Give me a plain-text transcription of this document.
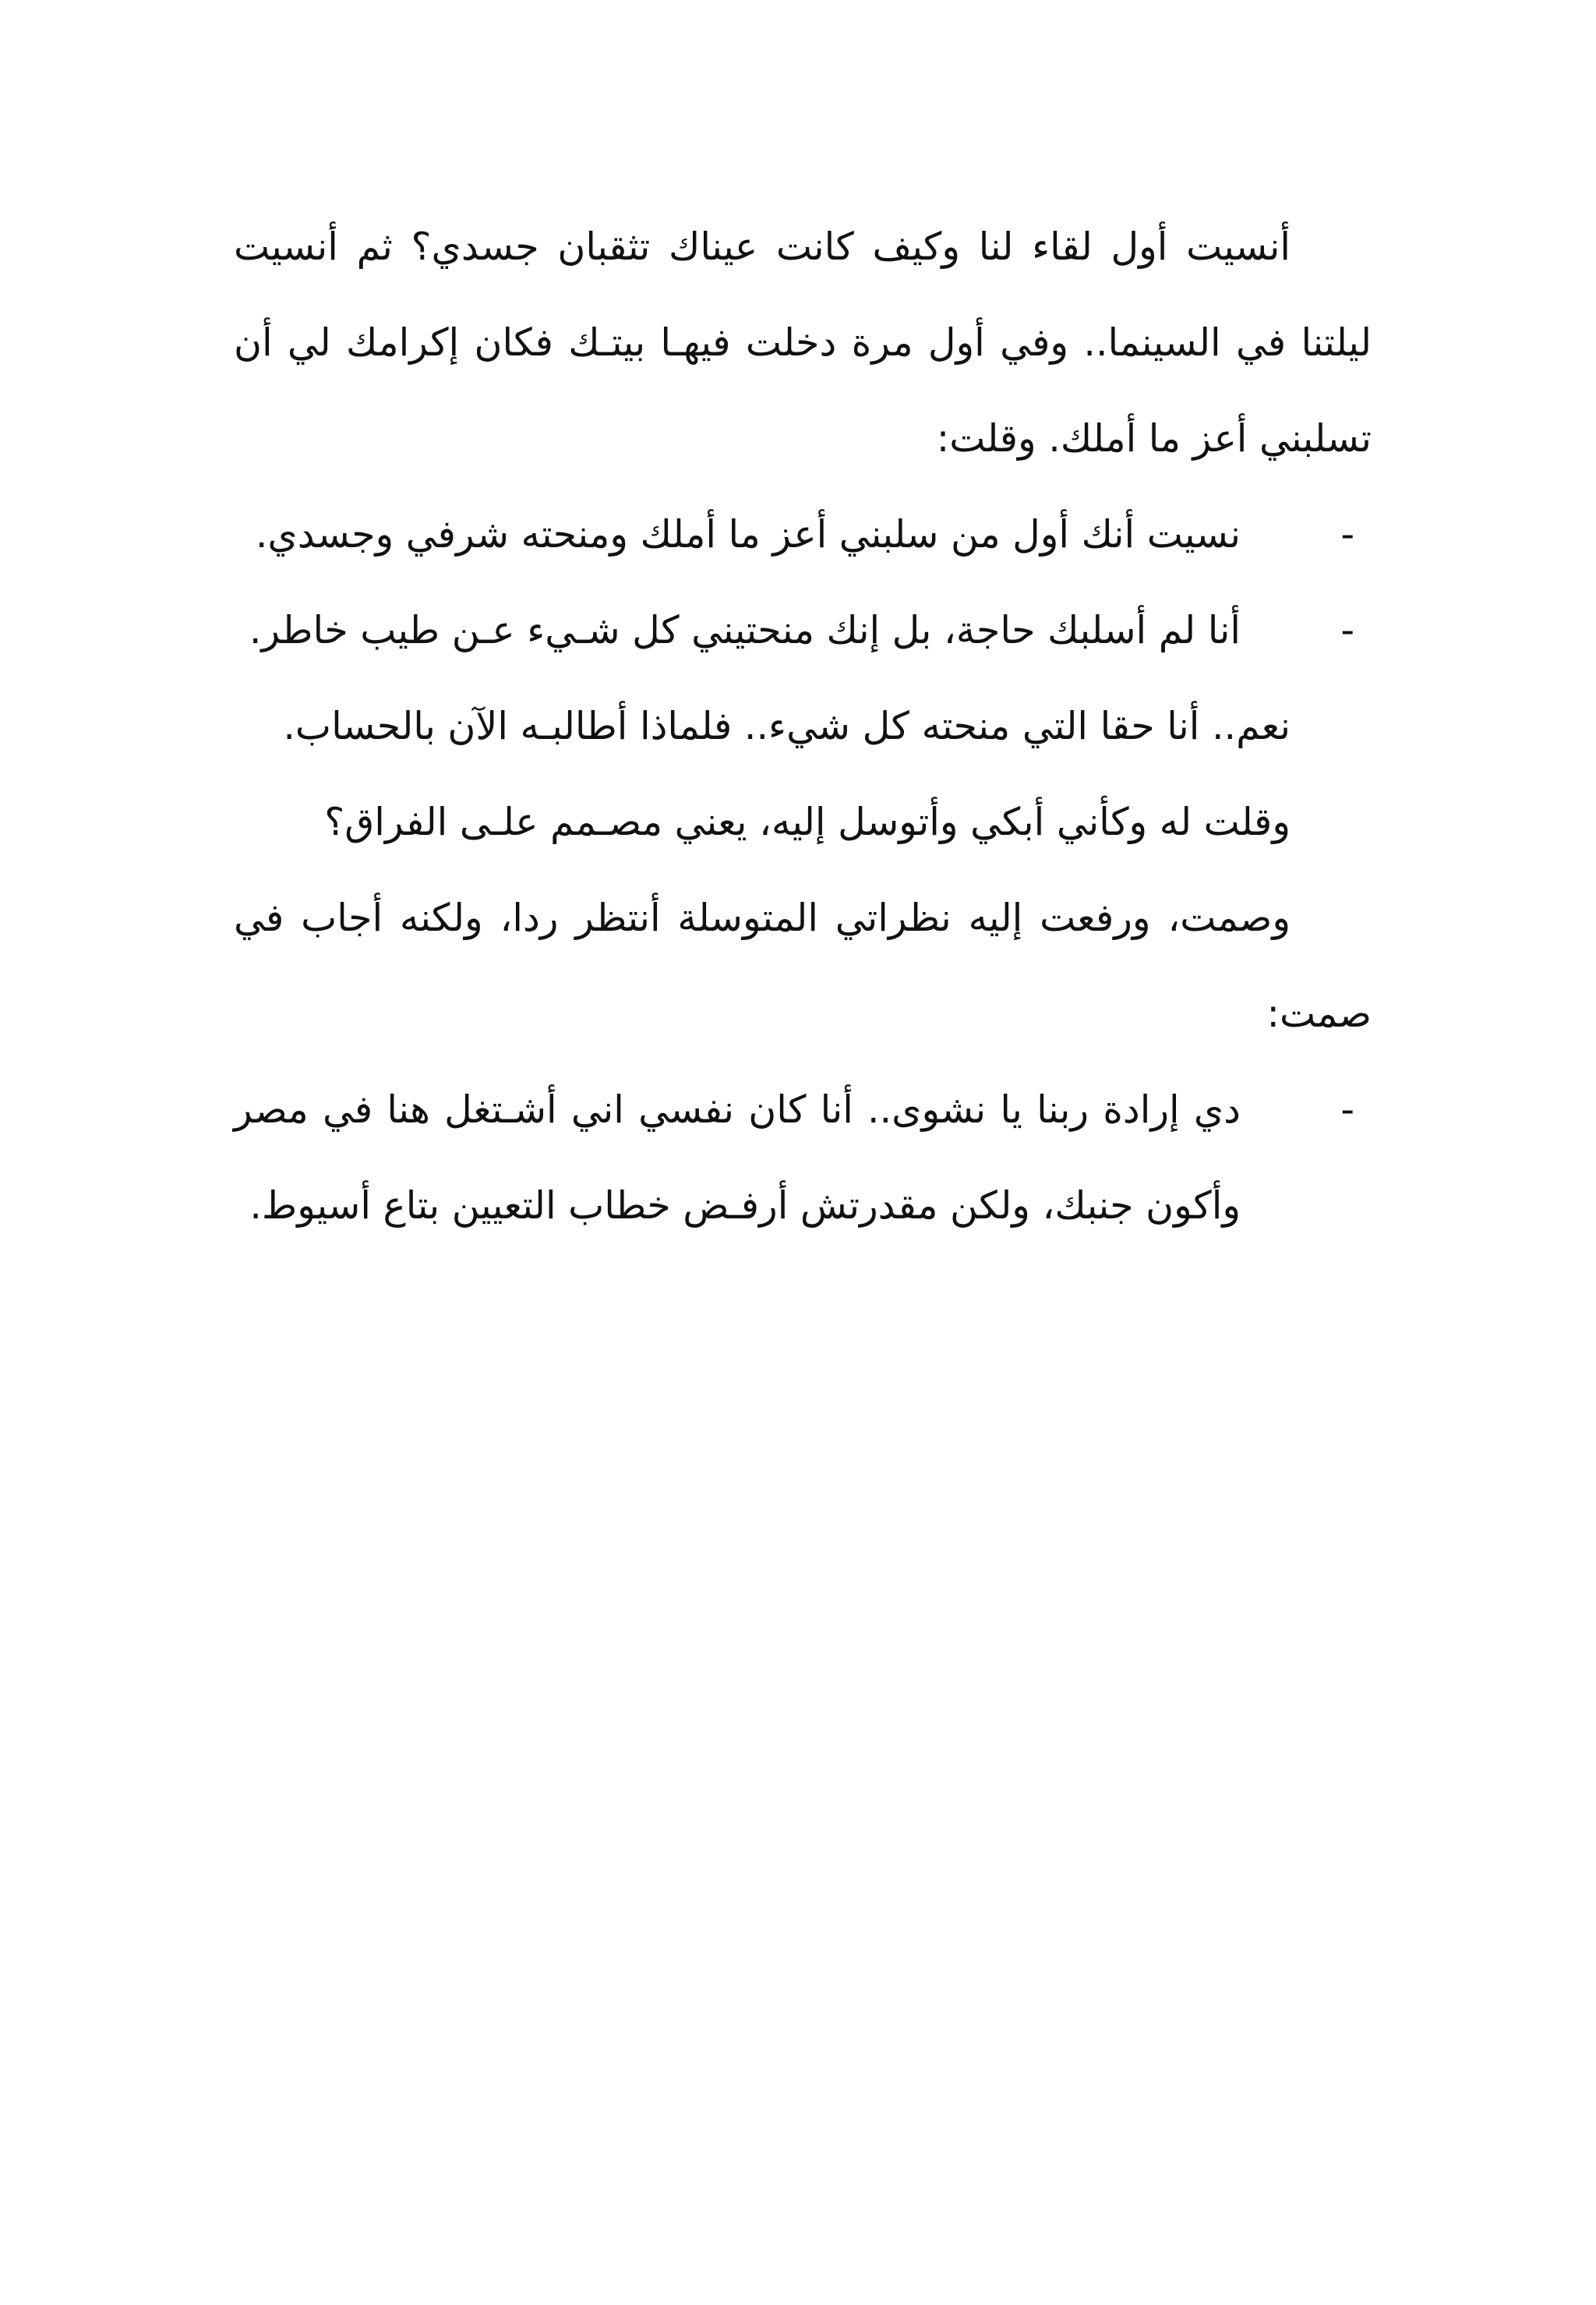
أنسيت أول لقاء لنا وكيف كانت عيناك تثقبان جسدي؟ ثم أنسيت ليلتنا في السينما.. وفي أول مرة دخلت فيهـا بيتـك فكان إكرامك لي أن تسلبني أعز ما أملك. وقلت:

-
نسيت أنك أول من سلبني أعز ما أملك ومنحته شرفي وجسدي.

-
أنا لم أسلبك حاجة، بل إنك منحتيني كل شـيء عـن طيب خاطر.

نعم.. أنا حقا التي منحته كل شيء.. فلماذا أطالبـه الآن بالحساب.

وقلت له وكأني أبكي وأتوسل إليه، يعني مصـمم علـى الفراق؟

وصمت، ورفعت إليه نظراتي المتوسلة أنتظر ردا، ولكنه أجاب في صمت:

-
دي إرادة ربنا يا نشوى.. أنا كان نفسي اني أشـتغل هنا في مصر وأكون جنبك، ولكن مقدرتش أرفـض خطاب التعيين بتاع أسيوط.
